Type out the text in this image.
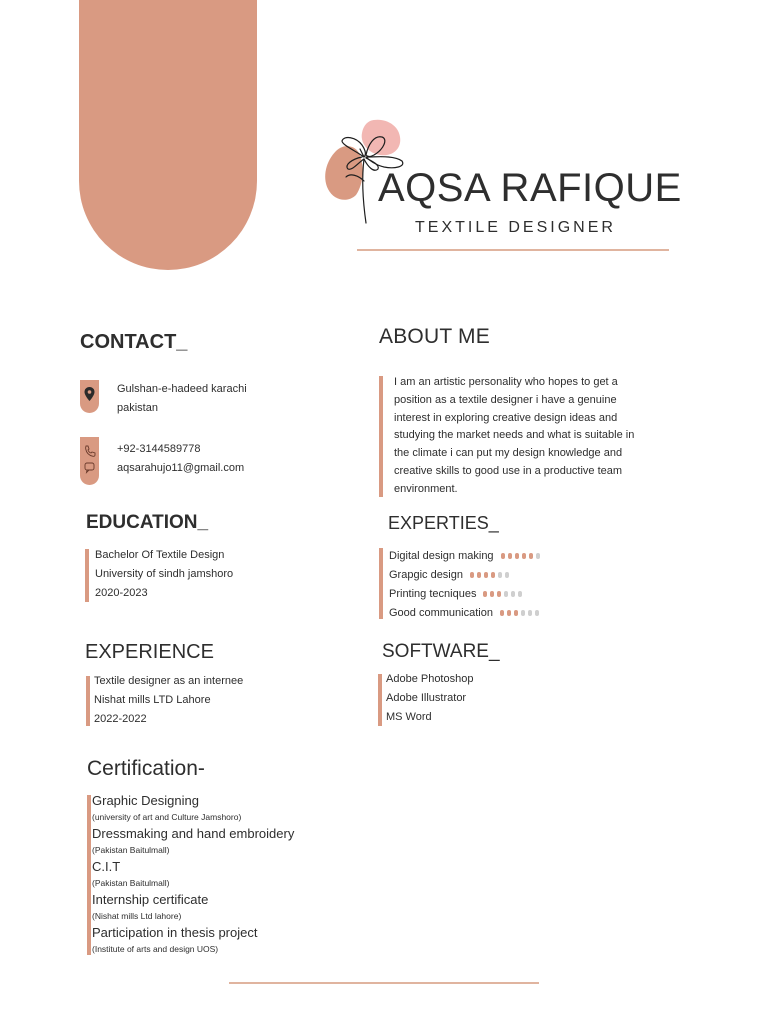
AQSA RAFIQUE
TEXTILE DESIGNER
CONTACT_
Gulshan-e-hadeed karachi
pakistan
+92-3144589778
aqsarahujo11@gmail.com
ABOUT ME
I am an artistic personality who hopes to get a position as a textile designer i have a genuine interest in exploring creative design ideas and studying the market needs and what is suitable in the climate i can put my design knowledge and creative skills to good use in a productive team environment.
EDUCATION_
Bachelor Of Textile Design
University of sindh jamshoro
2020-2023
EXPERTIES_
Digital design making
Grapgic design
Printing tecniques
Good communication
EXPERIENCE
Textile designer as an internee
Nishat mills LTD Lahore
2022-2022
SOFTWARE_
Adobe Photoshop
Adobe Illustrator
MS Word
Certification-
Graphic Designing
(university of art and Culture Jamshoro)
Dressmaking and hand embroidery
(Pakistan Baitulmall)
C.I.T
(Pakistan Baitulmall)
Internship certificate
(Nishat mills Ltd lahore)
Participation in thesis project
(Institute of arts and design UOS)
